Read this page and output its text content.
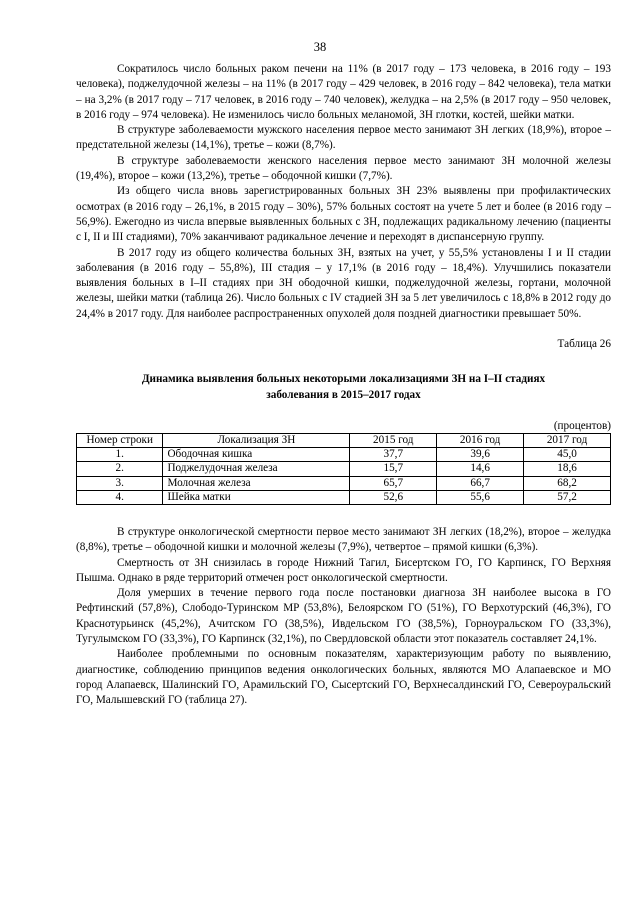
38

Сократилось число больных раком печени на 11% (в 2017 году – 173 человека, в 2016 году – 193 человека), поджелудочной железы – на 11% (в 2017 году – 429 человек, в 2016 году – 842 человека), тела матки – на 3,2% (в 2017 году – 717 человек, в 2016 году – 740 человек), желудка – на 2,5% (в 2017 году – 950 человек, в 2016 году – 974 человека). Не изменилось число больных меланомой, ЗН глотки, костей, шейки матки.

В структуре заболеваемости мужского населения первое место занимают ЗН легких (18,9%), второе – предстательной железы (14,1%), третье – кожи (8,7%).

В структуре заболеваемости женского населения первое место занимают ЗН молочной железы (19,4%), второе – кожи (13,2%), третье – ободочной кишки (7,7%).

Из общего числа вновь зарегистрированных больных ЗН 23% выявлены при профилактических осмотрах (в 2016 году – 26,1%, в 2015 году – 30%), 57% больных состоят на учете 5 лет и более (в 2016 году – 56,9%). Ежегодно из числа впервые выявленных больных с ЗН, подлежащих радикальному лечению (пациенты с I, II и III стадиями), 70% заканчивают радикальное лечение и переходят в диспансерную группу.

В 2017 году из общего количества больных ЗН, взятых на учет, у 55,5% установлены I и II стадии заболевания (в 2016 году – 55,8%), III стадия – у 17,1% (в 2016 году – 18,4%). Улучшились показатели выявления больных в I–II стадиях при ЗН ободочной кишки, поджелудочной железы, гортани, молочной железы, шейки матки (таблица 26). Число больных с IV стадией ЗН за 5 лет увеличилось с 18,8% в 2012 году до 24,4% в 2017 году. Для наиболее распространенных опухолей доля поздней диагностики превышает 50%.

Таблица 26
Динамика выявления больных некоторыми локализациями ЗН на I–II стадиях
заболевания в 2015–2017 годах
(процентов)
Номер строки	Локализация ЗН	2015 год	2016 год	2017 год
1.	Ободочная кишка	37,7	39,6	45,0
2.	Поджелудочная железа	15,7	14,6	18,6
3.	Молочная железа	65,7	66,7	68,2
4.	Шейка матки	52,6	55,6	57,2

В структуре онкологической смертности первое место занимают ЗН легких (18,2%), второе – желудка (8,8%), третье – ободочной кишки и молочной железы (7,9%), четвертое – прямой кишки (6,3%).

Смертность от ЗН снизилась в городе Нижний Тагил, Бисертском ГО, ГО Карпинск, ГО Верхняя Пышма. Однако в ряде территорий отмечен рост онкологической смертности.

Доля умерших в течение первого года после постановки диагноза ЗН наиболее высока в ГО Рефтинский (57,8%), Слободо-Туринском МР (53,8%), Белоярском ГО (51%), ГО Верхотурский (46,3%), ГО Краснотурьинск (45,2%), Ачитском ГО (38,5%), Ивдельском ГО (38,5%), Горноуральском ГО (33,3%), Тугулымском ГО (33,3%), ГО Карпинск (32,1%), по Свердловской области этот показатель составляет 24,1%.

Наиболее проблемными по основным показателям, характеризующим работу по выявлению, диагностике, соблюдению принципов ведения онкологических больных, являются МО Алапаевское и МО город Алапаевск, Шалинский ГО, Арамильский ГО, Сысертский ГО, Верхнесалдинский ГО, Североуральский ГО, Малышевский ГО (таблица 27).
